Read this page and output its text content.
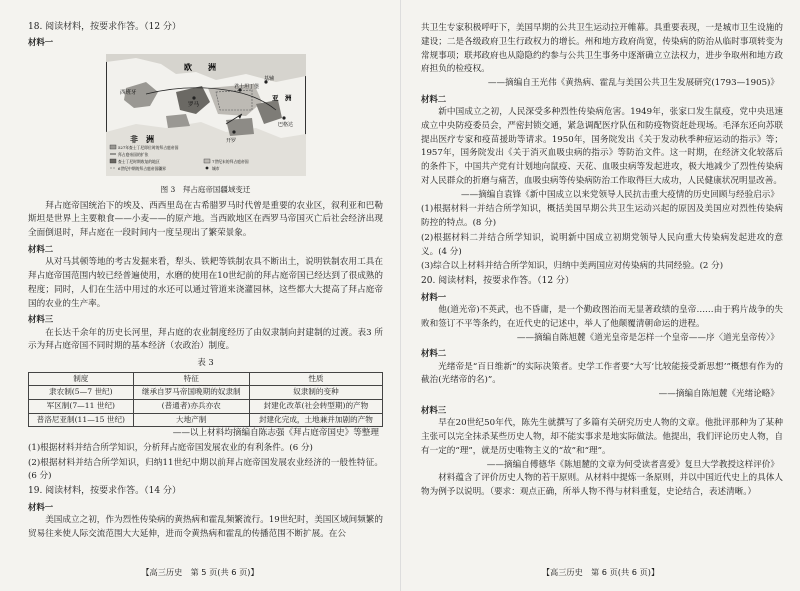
18. 阅读材料，按要求作答。（12 分）

材料一

欧　　洲
非　洲
亚　洲
西班牙
罗马
君士坦丁堡
基辅
开罗
巴格达
527年查士丁尼即位时的拜占庭帝国
拜占庭帝国的扩张
查士丁尼时期收复的地区
6世纪中期的拜占庭帝国疆界
7世纪末的拜占庭帝国
城市

图 3　拜占庭帝国疆域变迁

拜占庭帝国统治下的埃及、西西里岛在古希腊罗马时代曾是重要的农业区，叙利亚和巴勒斯坦是世界上主要粮食——小麦——的原产地。当西欧地区在西罗马帝国灭亡后社会经济出现全面倒退时，拜占庭在一段时间内一度呈现出了繁荣景象。

材料二

从对马其顿等地的考古发掘来看，犁头、铁耙等铁制农具不断出土，说明铁制农用工具在拜占庭帝国范围内较已经普遍使用，水磨的使用在10世纪前的拜占庭帝国已经达到了很成熟的程度；同时，人们在生活中用过的水还可以通过管道来浇灌园林，这些都大大提高了拜占庭帝国的农业的生产率。

材料三

在长达千余年的历史长河里，拜占庭的农业制度经历了由奴隶制向封建制的过渡。表3 所示为拜占庭帝国不同时期的基本经济（农政治）制度。

表 3

制度	特征	性质
隶农制(5—7 世纪)	继承自罗马帝国晚期的奴隶制	奴隶制的变种
军区制(7—11 世纪)	(普通者)亦兵亦农	封建化改革(社会转型期)的产物
普洛尼亚制(11—15 世纪)	大地产制	封建化完成，土地兼并加剧的产物

——以上材料均摘编自陈志强《拜占庭帝国史》等整理

(1)根据材料并结合所学知识，分析拜占庭帝国发展农业的有利条件。(6 分)

(2)根据材料并结合所学知识，归纳11世纪中期以前拜占庭帝国发展农业经济的一般性特征。(6 分)

19. 阅读材料，按要求作答。（14 分）

材料一

美国成立之初，作为烈性传染病的黄热病和霍乱频繁流行。19世纪时，美国区域间频繁的贸易往来使人际交流范围大大延伸，进而令黄热病和霍乱的传播范围不断扩展。在公

【高三历史　第 5 页(共 6 页)】

共卫生专家积极呼吁下，美国早期的公共卫生运动拉开帷幕。具重要表现，一是城市卫生设施的建设；二是各级政府卫生行政权力的增长。州和地方政府尚宽，传染病的防治从临时事项转变为常规事项；联邦政府也从隐隐约约参与公共卫生事务中逐渐确立立法权力，进步争取州和地方政府担负的检疫权。

——摘编自王光伟《黄热病、霍乱与美国公共卫生发展研究(1793—1905)》

材料二

新中国成立之初，人民深受多种烈性传染病危害。1949年，张家口发生鼠疫，党中央迅速成立中央防疫委员会，严密封锁交通，紧急调配医疗队伍和防疫物资赶赴现场。毛泽东还向苏联提出医疗专家和疫苗援助等请求。1950年，国务院发出《关于发动秋季种痘运动的指示》等；1957年，国务院发出《关于消灭血吸虫病的指示》等防治文件。这一时期，在经济文化较落后的条件下，中国共产党有计划地向鼠疫、天花、血吸虫病等发起进攻，极大地减少了烈性传染病对人民群众的折磨与痛苦，血吸虫病等传染病防治工作取得巨大成功，人民健康状况明显改善。

——摘编自袁锋《新中国成立以来党领导人民抗击重大疫情的历史回顾与经验启示》

(1)根据材料一并结合所学知识，概括美国早期公共卫生运动兴起的原因及美国应对烈性传染病防控的特点。(8 分)

(2)根据材料二并结合所学知识，说明新中国成立初期党领导人民向重大传染病发起进攻的意义。(4 分)

(3)综合以上材料并结合所学知识，归纳中美两国应对传染病的共同经验。(2 分)

20. 阅读材料，按要求作答。（12 分）

材料一

他(道光帝)不英武，也不昏庸，是一个勤政图治而无显著政绩的皇帝……由于鸦片战争的失败和签订不平等条约，在近代史的记述中，举人了他颠覆清朝命运的进程。

——摘编自陈旭麓《道光皇帝是怎样一个皇帝——序〈道光皇帝传〉》

材料二

光绪帝是“百日维新”的实际决策者。史学工作者要“大写‘比较能接受新思想’”概想有作为的截治(光绪帝的名)”。

——摘编自陈旭麓《光绪论略》

材料三

早在20世纪50年代，陈先生就撰写了多篇有关研究历史人物的文章。他批评那种为了某种主张可以完全抹杀某些历史人物，却不能实事求是地实际做法。他提出，我们评论历史人物，自有一定的“理”，就是历史唯物主义的“故”和“理”。

——摘编自傅德华《陈旭麓的文章为何受读者喜爱》复旦大学教授这样评价》

材料蕴含了评价历史人物的若干原则。从材料中提炼一条原则，并以中国近代史上的具体人物为例予以说明。（要求：观点正确，所举人物不得与材料重复，史论结合，表述清晰。）

【高三历史　第 6 页(共 6 页)】
